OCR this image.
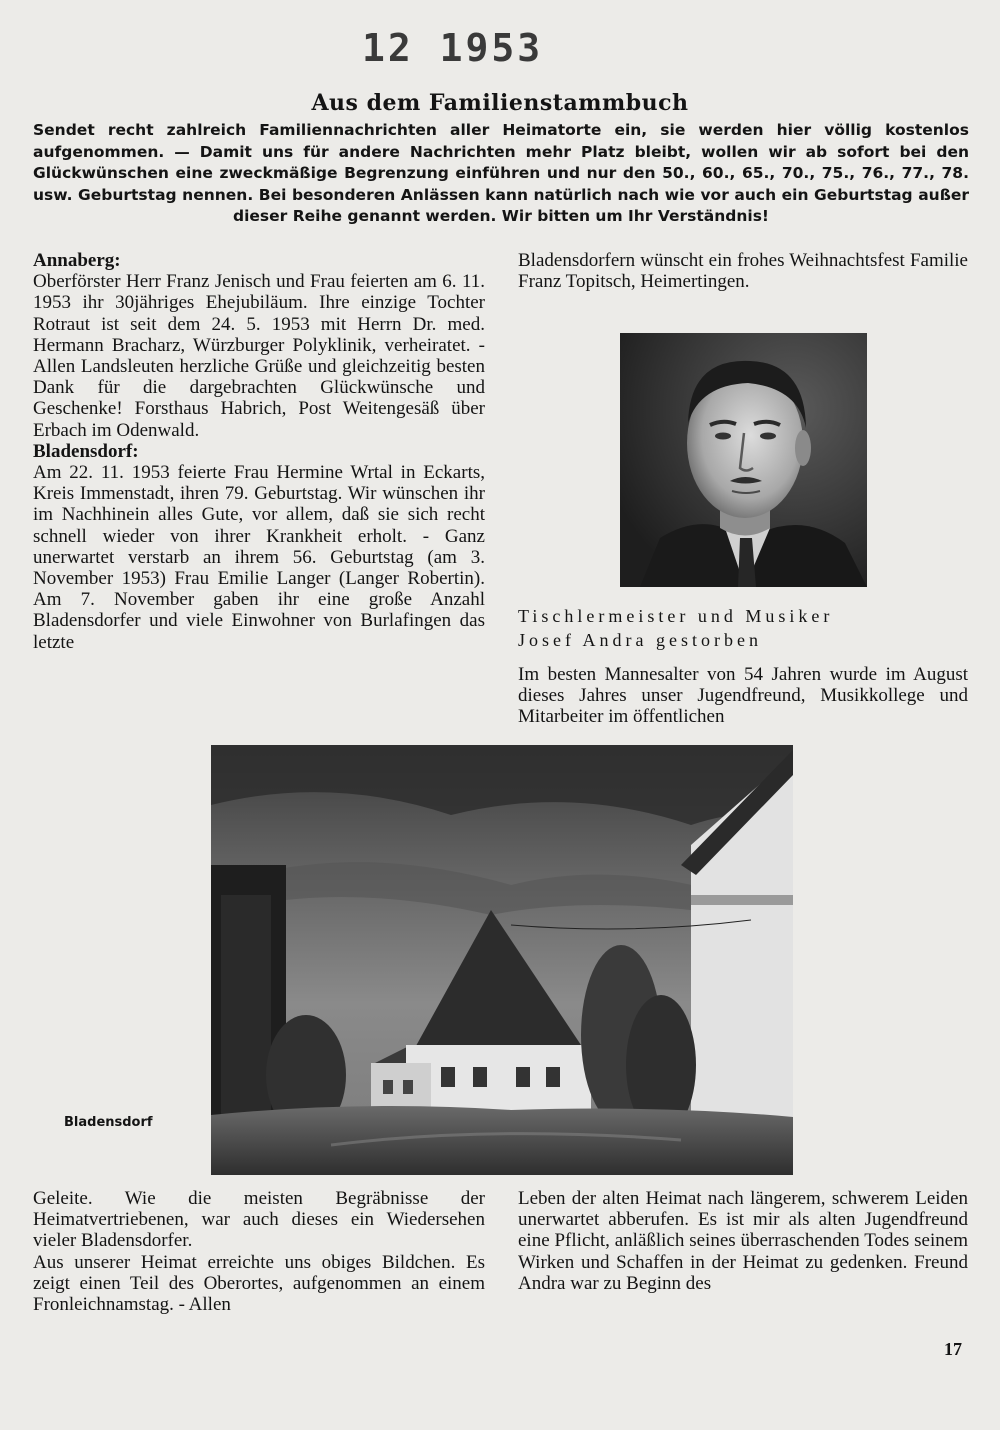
12 1953
Aus dem Familienstammbuch
Sendet recht zahlreich Familiennachrichten aller Heimatorte ein, sie werden hier völlig kostenlos aufgenommen. — Damit uns für andere Nachrichten mehr Platz bleibt, wollen wir ab sofort bei den Glückwünschen eine zweckmäßige Begrenzung einführen und nur den 50., 60., 65., 70., 75., 76., 77., 78. usw. Geburtstag nennen. Bei besonderen Anlässen kann natürlich nach wie vor auch ein Geburtstag außer dieser Reihe genannt werden. Wir bitten um Ihr Verständnis!

Annaberg:

Oberförster Herr Franz Jenisch und Frau feierten am 6. 11. 1953 ihr 30jähriges Ehejubiläum. Ihre einzige Tochter Rotraut ist seit dem 24. 5. 1953 mit Herrn Dr. med. Hermann Bracharz, Würzburger Polyklinik, verheiratet. - Allen Landsleuten herzliche Grüße und gleichzeitig besten Dank für die dargebrachten Glückwünsche und Geschenke! Forsthaus Habrich, Post Weitengesäß über Erbach im Odenwald.

Bladensdorf:

Am 22. 11. 1953 feierte Frau Hermine Wrtal in Eckarts, Kreis Immenstadt, ihren 79. Geburtstag. Wir wünschen ihr im Nachhinein alles Gute, vor allem, daß sie sich recht schnell wieder von ihrer Krankheit erholt. - Ganz unerwartet verstarb an ihrem 56. Geburtstag (am 3. November 1953) Frau Emilie Langer (Langer Robertin). Am 7. November gaben ihr eine große Anzahl Bladensdorfer und viele Einwohner von Burlafingen das letzte

Bladensdorfern wünscht ein frohes Weihnachtsfest Familie Franz Topitsch, Heimertingen.

Tischlermeister und Musiker
Josef Andra gestorben

Im besten Mannesalter von 54 Jahren wurde im August dieses Jahres unser Jugendfreund, Musikkollege und Mitarbeiter im öffentlichen

Bladensdorf

Geleite. Wie die meisten Begräbnisse der Heimatvertriebenen, war auch dieses ein Wiedersehen vieler Bladensdorfer.

Aus unserer Heimat erreichte uns obiges Bildchen. Es zeigt einen Teil des Oberortes, aufgenommen an einem Fronleichnamstag. - Allen

Leben der alten Heimat nach längerem, schwerem Leiden unerwartet abberufen. Es ist mir als alten Jugendfreund eine Pflicht, anläßlich seines überraschenden Todes seinem Wirken und Schaffen in der Heimat zu gedenken. Freund Andra war zu Beginn des

17
